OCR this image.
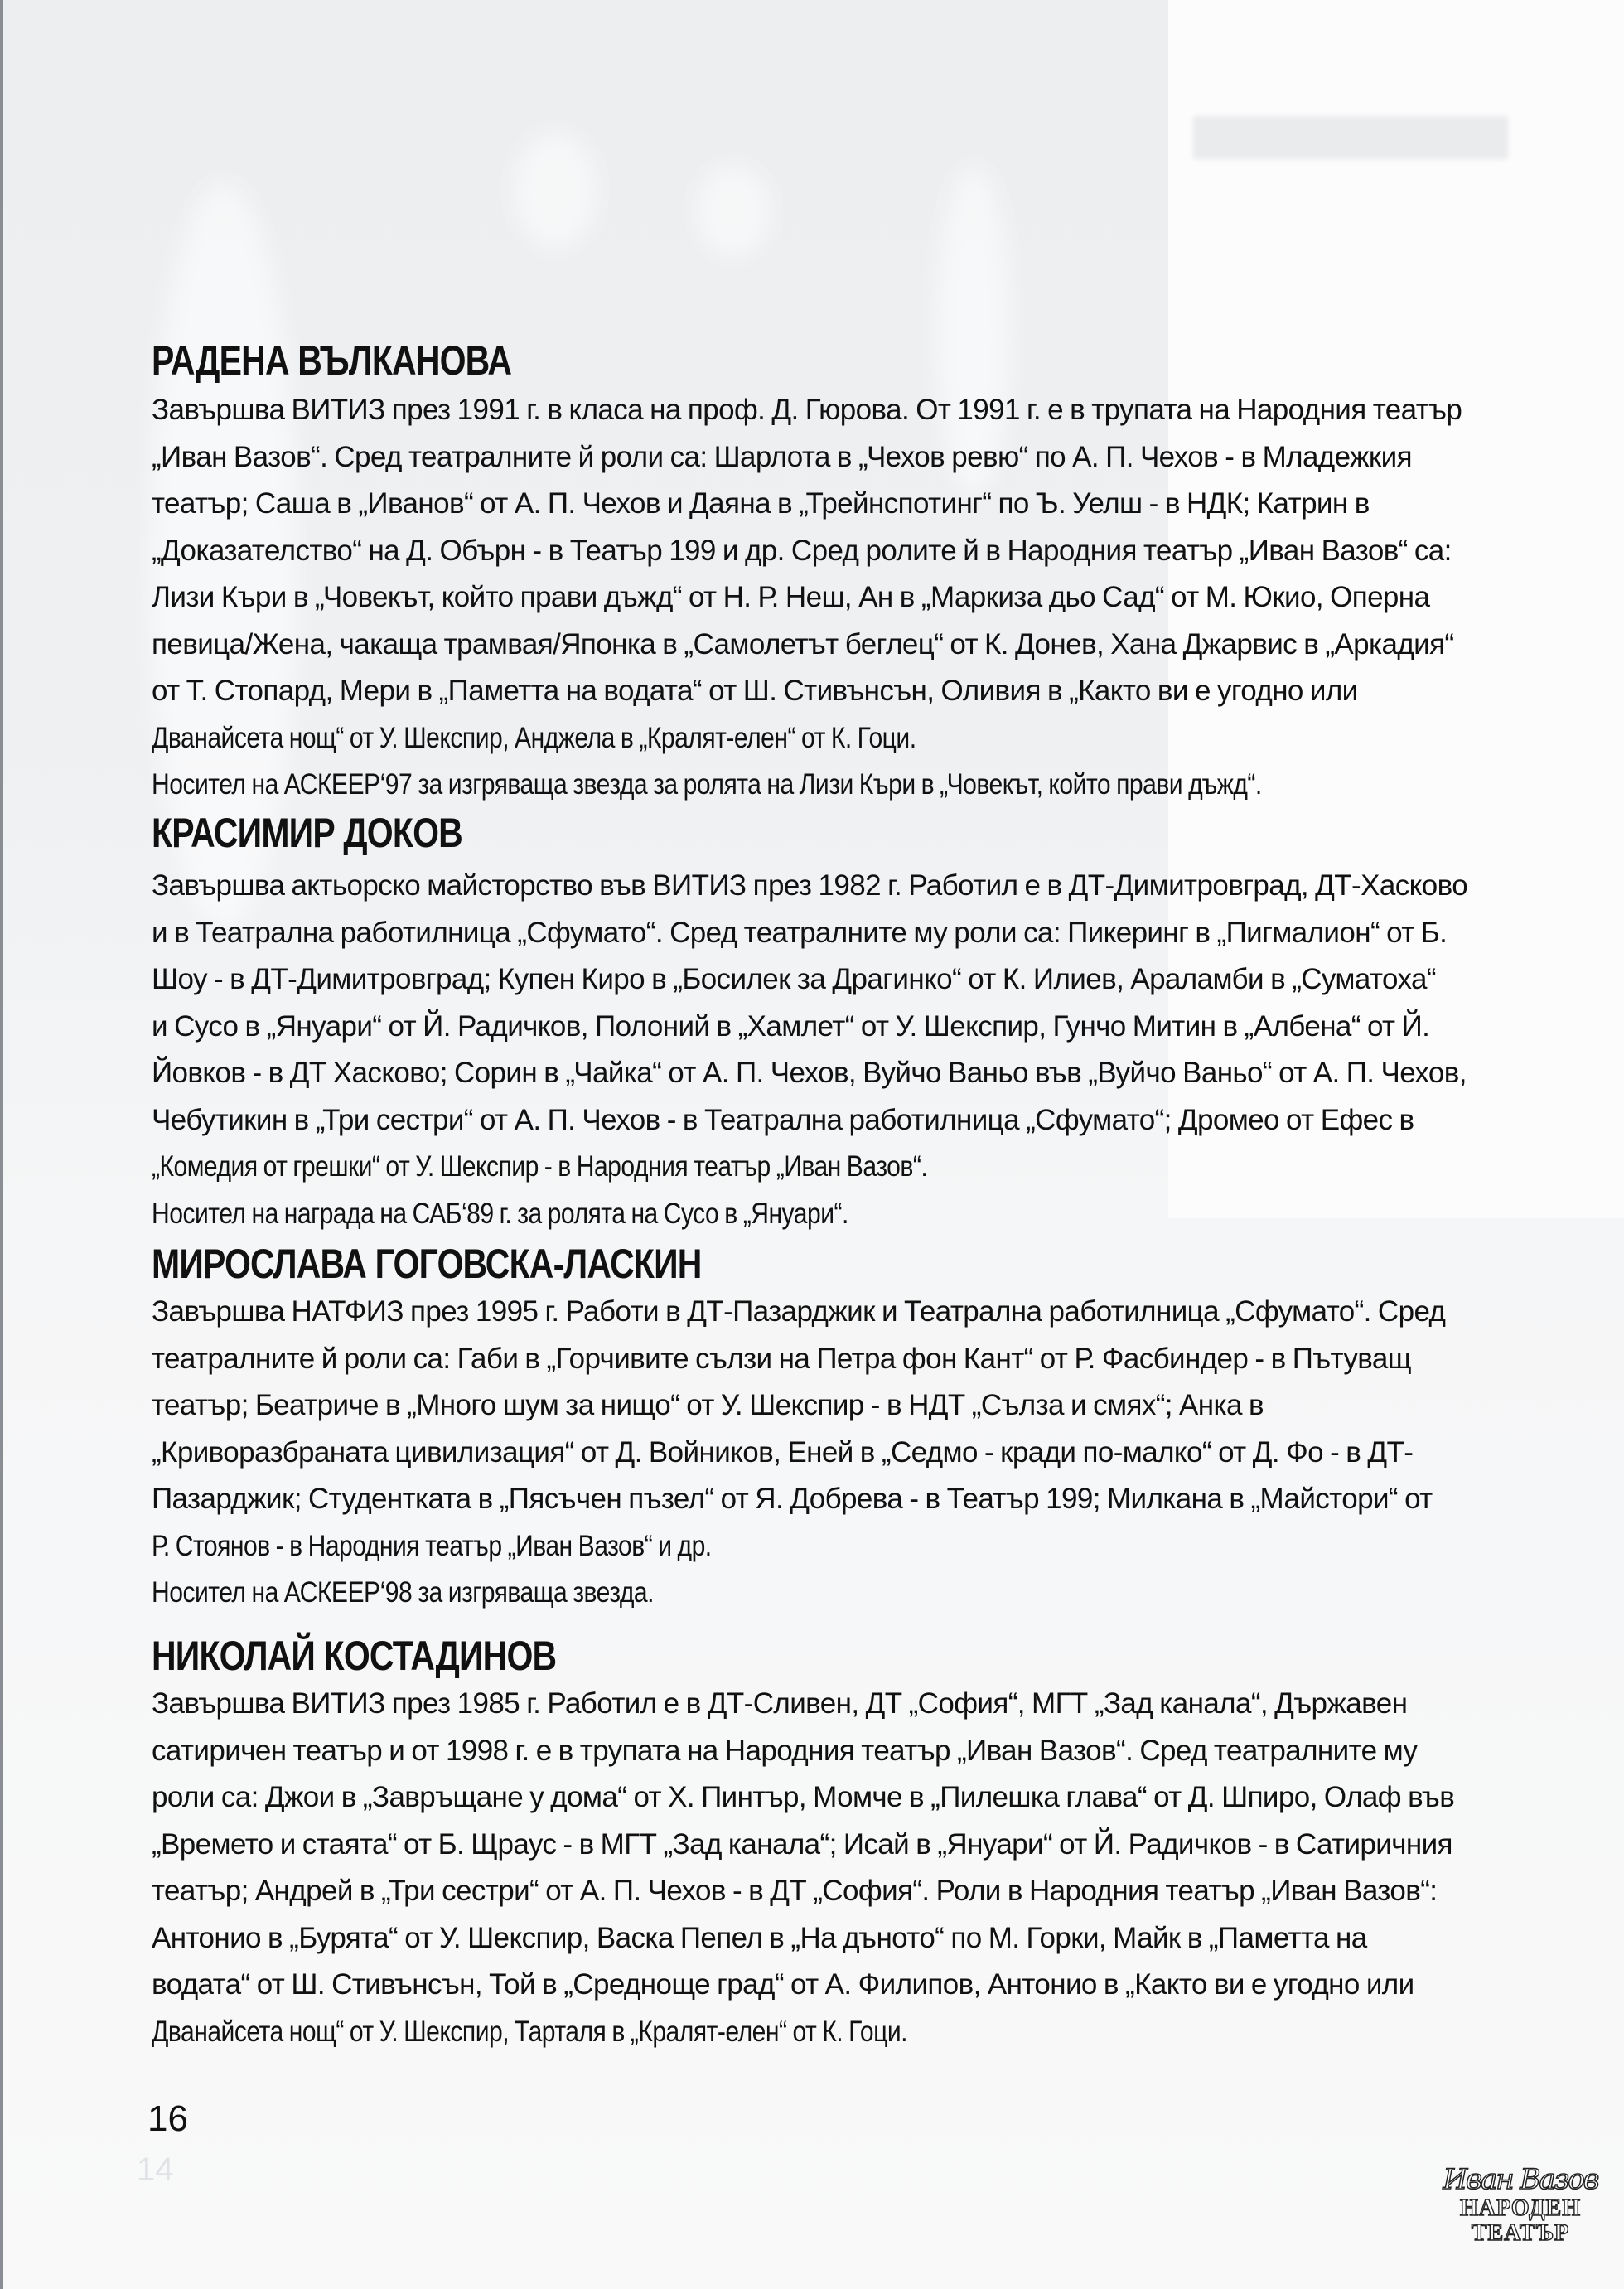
РАДЕНА ВЪЛКАНОВА
Завършва ВИТИЗ през 1991 г. в класа на проф. Д. Гюрова. От 1991 г. е в трупата на Народния театър
„Иван Вазов“. Сред театралните й роли са: Шарлота в „Чехов ревю“ по А. П. Чехов - в Младежкия
театър; Саша в „Иванов“ от А. П. Чехов и Даяна в „Трейнспотинг“ по Ъ. Уелш - в НДК; Катрин в
„Доказателство“ на Д. Обърн - в Театър 199 и др. Сред ролите й в Народния театър „Иван Вазов“ са:
Лизи Къри в „Човекът, който прави дъжд“ от Н. Р. Неш, Ан в „Маркиза дьо Сад“ от М. Юкио, Оперна
певица/Жена, чакаща трамвая/Японка в „Самолетът беглец“ от К. Донев, Хана Джарвис в „Аркадия“
от Т. Стопард, Мери в „Паметта на водата“ от Ш. Стивънсън, Оливия в „Както ви е угодно или
Дванайсета нощ“ от У. Шекспир, Анджела в „Кралят-елен“ от К. Гоци.
Носител на АСКЕЕР‘97 за изгряваща звезда за ролята на Лизи Къри в „Човекът, който прави дъжд“.
КРАСИМИР ДОКОВ
Завършва актьорско майсторство във ВИТИЗ през 1982 г. Работил е в ДТ-Димитровград, ДТ-Хасково
и в Театрална работилница „Сфумато“. Сред театралните му роли са: Пикеринг в „Пигмалион“ от Б.
Шоу - в ДТ-Димитровград; Купен Киро в „Босилек за Драгинко“ от К. Илиев, Араламби в „Суматоха“
и Сусо в „Януари“ от Й. Радичков, Полоний в „Хамлет“ от У. Шекспир, Гунчо Митин в „Албена“ от Й.
Йовков - в ДТ Хасково; Сорин в „Чайка“ от А. П. Чехов, Вуйчо Ваньо във „Вуйчо Ваньо“ от А. П. Чехов,
Чебутикин в „Три сестри“ от А. П. Чехов - в Театрална работилница „Сфумато“; Дромео от Ефес в
„Комедия от грешки“ от У. Шекспир - в Народния театър „Иван Вазов“.
Носител на награда на САБ‘89 г. за ролята на Сусо в „Януари“.
МИРОСЛАВА ГОГОВСКА-ЛАСКИН
Завършва НАТФИЗ през 1995 г. Работи в ДТ-Пазарджик и Театрална работилница „Сфумато“. Сред
театралните й роли са: Габи в „Горчивите сълзи на Петра фон Кант“ от Р. Фасбиндер - в Пътуващ
театър; Беатриче в „Много шум за нищо“ от У. Шекспир - в НДТ „Сълза и смях“; Анка в
„Криворазбраната цивилизация“ от Д. Войников, Еней в „Седмо - кради по-малко“ от Д. Фо - в ДТ-
Пазарджик; Студентката в „Пясъчен пъзел“ от Я. Добрева - в Театър 199; Милкана в „Майстори“ от
Р. Стоянов - в Народния театър „Иван Вазов“ и др.
Носител на АСКЕЕР‘98 за изгряваща звезда.
НИКОЛАЙ КОСТАДИНОВ
Завършва ВИТИЗ през 1985 г. Работил е в ДТ-Сливен, ДТ „София“, МГТ „Зад канала“, Държавен
сатиричен театър и от 1998 г. е в трупата на Народния театър „Иван Вазов“. Сред театралните му
роли са: Джои в „Завръщане у дома“ от Х. Пинтър, Момче в „Пилешка глава“ от Д. Шпиро, Олаф във
„Времето и стаята“ от Б. Щраус - в МГТ „Зад канала“; Исай в „Януари“ от Й. Радичков - в Сатиричния
театър; Андрей в „Три сестри“ от А. П. Чехов - в ДТ „София“. Роли в Народния театър „Иван Вазов“:
Антонио в „Бурята“ от У. Шекспир, Васка Пепел в „На дъното“ по М. Горки, Майк в „Паметта на
водата“ от Ш. Стивънсън, Той в „Средноще град“ от А. Филипов, Антонио в „Както ви е угодно или
Дванайсета нощ“ от У. Шекспир, Тарталя в „Кралят-елен“ от К. Гоци.
16
14	Иван Вазов
НАРОДЕН
ТЕАТЪР
